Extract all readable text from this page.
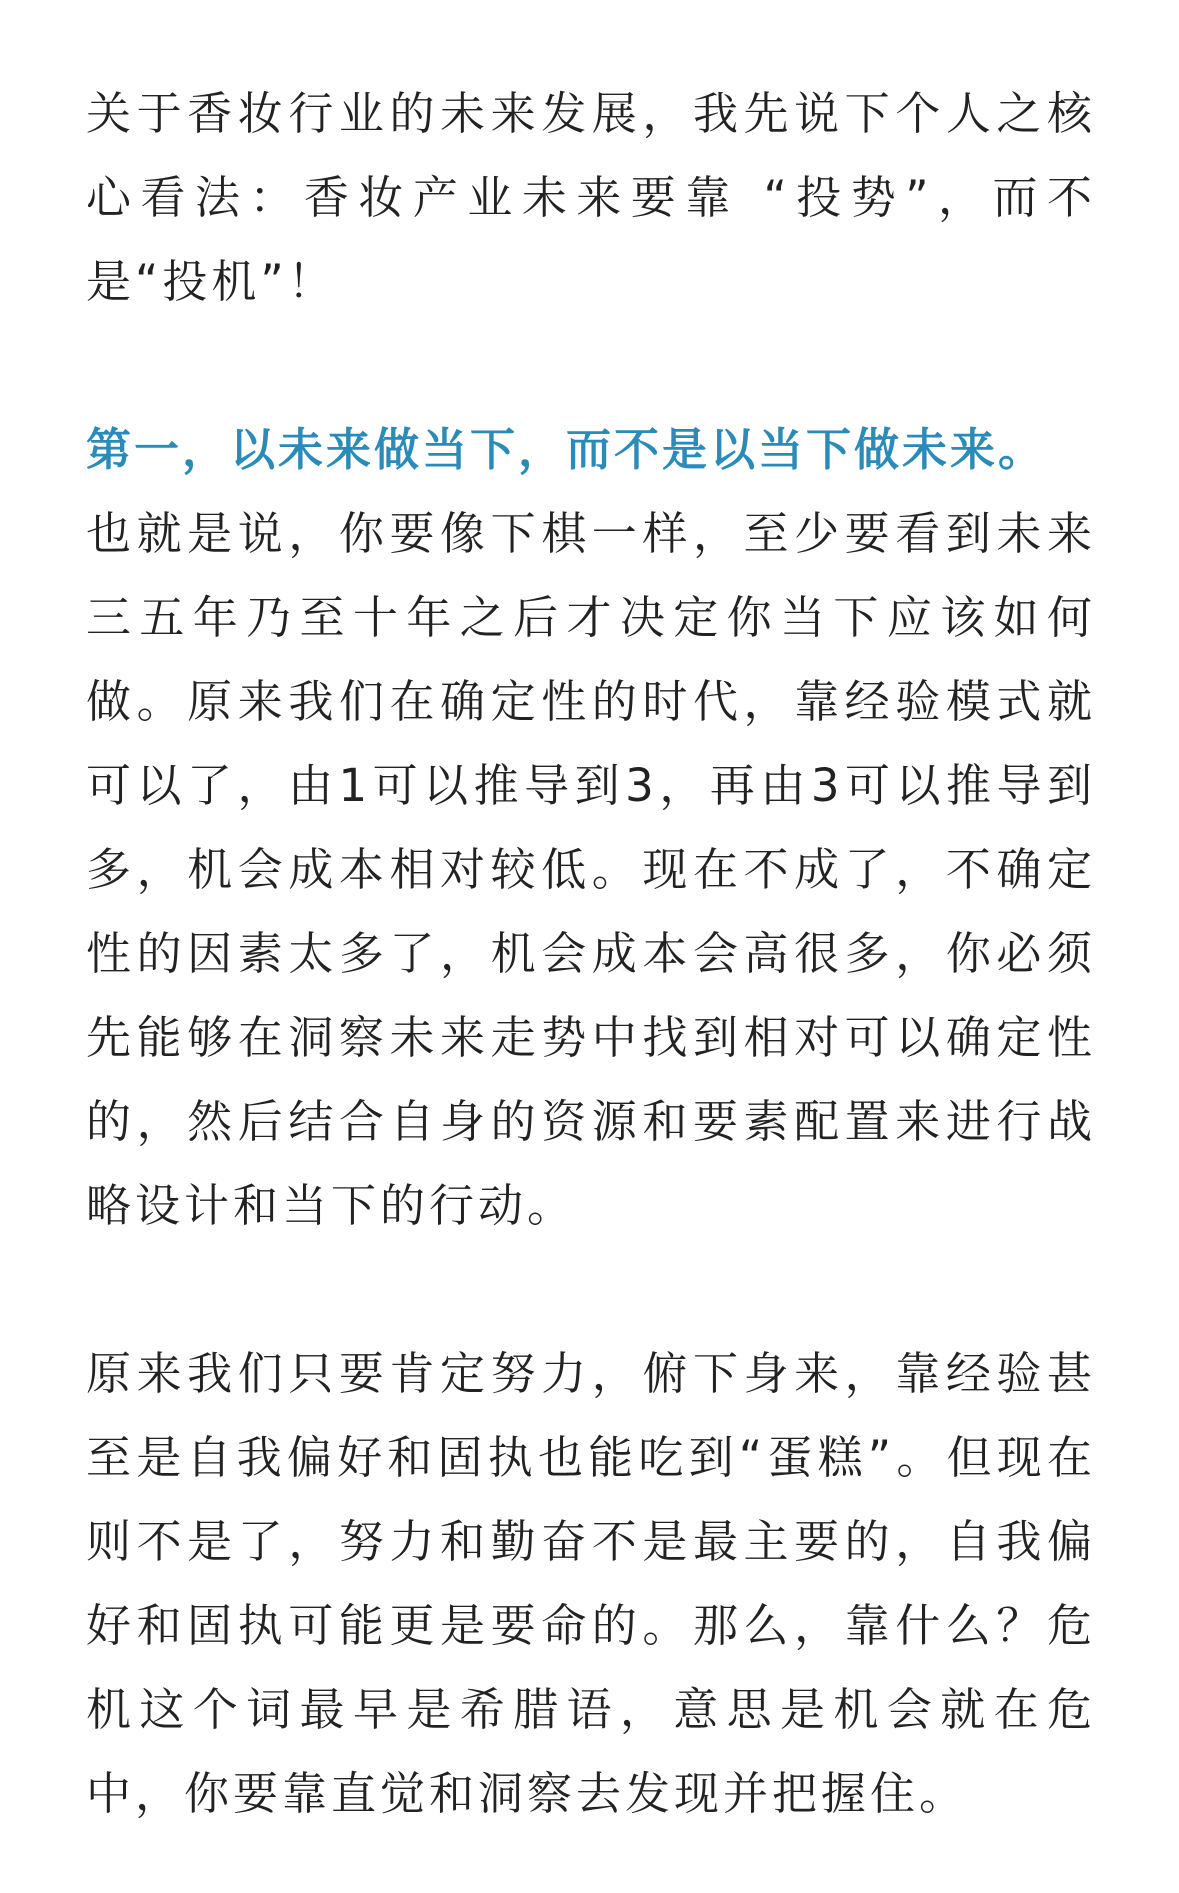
关于香妆行业的未来发展，我先说下个人之核心看法：香妆产业未来要靠 “投势”，而不是“投机”！

第一，以未来做当下，而不是以当下做未来。

也就是说，你要像下棋一样，至少要看到未来三五年乃至十年之后才决定你当下应该如何做。原来我们在确定性的时代，靠经验模式就可以了，由1可以推导到3，再由3可以推导到多，机会成本相对较低。现在不成了，不确定性的因素太多了，机会成本会高很多，你必须先能够在洞察未来走势中找到相对可以确定性的，然后结合自身的资源和要素配置来进行战略设计和当下的行动。

原来我们只要肯定努力，俯下身来，靠经验甚至是自我偏好和固执也能吃到“蛋糕”。但现在则不是了，努力和勤奋不是最主要的，自我偏好和固执可能更是要命的。那么，靠什么？危机这个词最早是希腊语，意思是机会就在危中，你要靠直觉和洞察去发现并把握住。
